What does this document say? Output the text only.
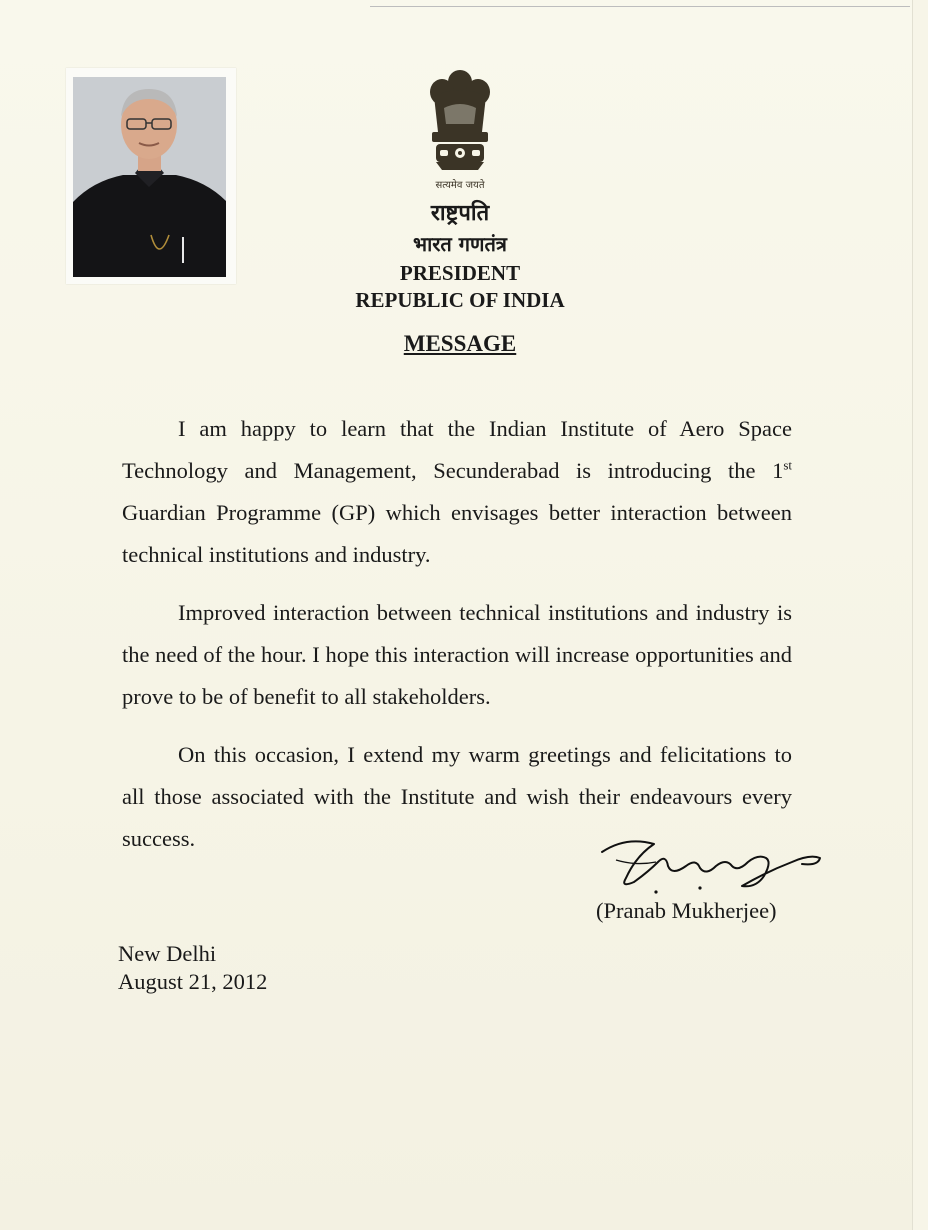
सत्यमेव जयते
राष्ट्रपति
भारत गणतंत्र
PRESIDENT
REPUBLIC OF INDIA
MESSAGE

I am happy to learn that the Indian Institute of Aero Space Technology and Management, Secunderabad is introducing the 1st Guardian Programme (GP) which envisages better interaction between technical institutions and industry.

Improved interaction between technical institutions and industry is the need of the hour. I hope this interaction will increase opportunities and prove to be of benefit to all stakeholders.

On this occasion, I extend my warm greetings and felicitations to all those associated with the Institute and wish their endeavours every success.

(Pranab Mukherjee)
New Delhi
August 21, 2012
